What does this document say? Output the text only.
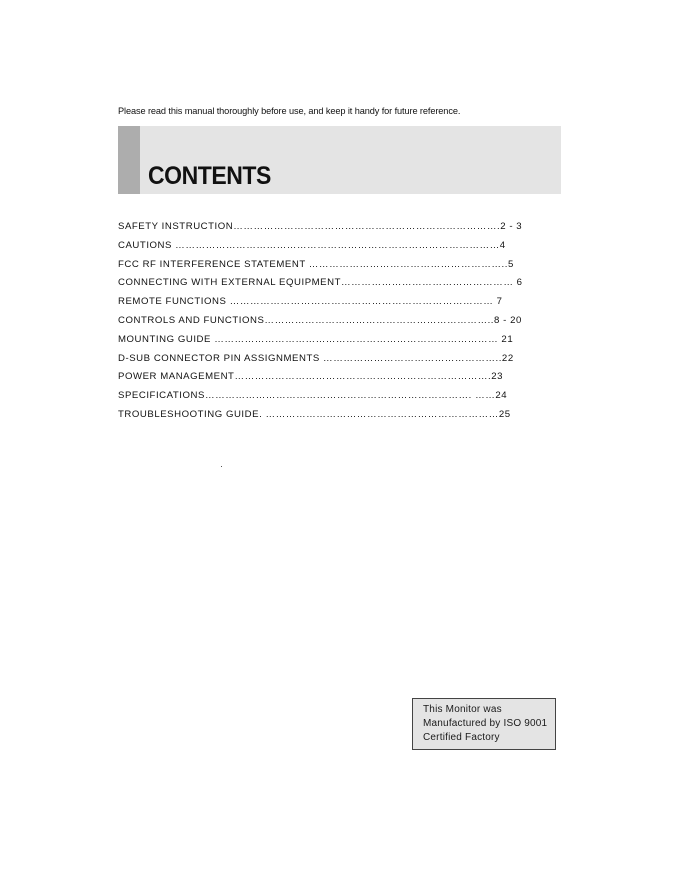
Please read this manual thoroughly before use, and keep it handy for future reference.
CONTENTS
SAFETY INSTRUCTION…………………………………………………………………….2 - 3
CAUTIONS ……………………………………………………………………………………4
FCC RF INTERFERENCE STATEMENT …………………………………………………..5
CONNECTING WITH EXTERNAL EQUIPMENT…………………………………………… 6
REMOTE FUNCTIONS …………………………………………………………………… 7
CONTROLS AND FUNCTIONS…………………………………………………………..8 - 20
MOUNTING GUIDE ………………………………………………………………………… 21
D-SUB CONNECTOR PIN ASSIGNMENTS ……………………………………………..22
POWER MANAGEMENT………………………………………………………………….23
SPECIFICATIONS……………………………………………………………………. ……24
TROUBLESHOOTING GUIDE. ……………………………………………………………25
This Monitor was
Manufactured by ISO 9001
Certified Factory
